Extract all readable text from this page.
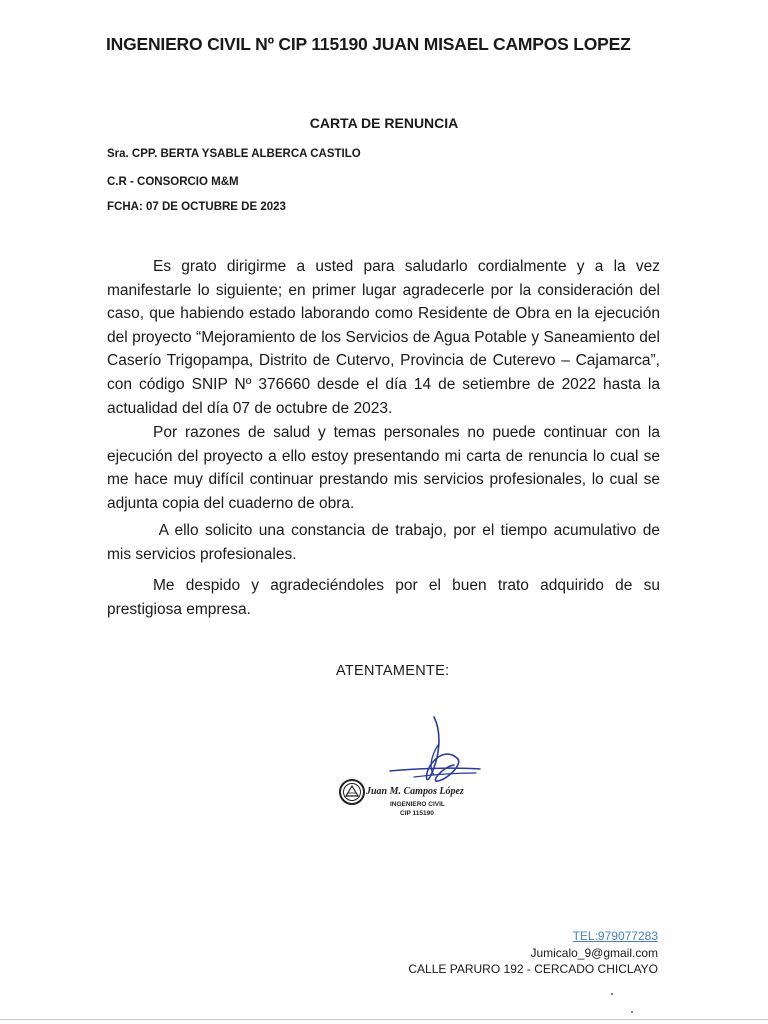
INGENIERO CIVIL Nº CIP 115190 JUAN MISAEL CAMPOS LOPEZ
CARTA DE RENUNCIA
Sra. CPP. BERTA YSABLE ALBERCA CASTILO
C.R - CONSORCIO M&M
FCHA: 07 DE OCTUBRE DE 2023

Es grato dirigirme a usted para saludarlo cordialmente y a la vez manifestarle lo siguiente; en primer lugar agradecerle por la consideración del caso, que habiendo estado laborando como Residente de Obra en la ejecución del proyecto “Mejoramiento de los Servicios de Agua Potable y Saneamiento del Caserío Trigopampa, Distrito de Cutervo, Provincia de Cuterevo – Cajamarca”, con código SNIP Nº 376660 desde el día 14 de setiembre de 2022 hasta la actualidad del día 07 de octubre de 2023.

Por razones de salud y temas personales no puede continuar con la ejecución del proyecto a ello estoy presentando mi carta de renuncia lo cual se me hace muy difícil continuar prestando mis servicios profesionales, lo cual se adjunta copia del cuaderno de obra.

A ello solicito una constancia de trabajo, por el tiempo acumulativo de mis servicios profesionales.

Me despido y agradeciéndoles por el buen trato adquirido de su prestigiosa empresa.

ATENTAMENTE:
Juan M. Campos López
INGENIERO CIVIL
CIP 115190
TEL:979077283
Jumicalo_9@gmail.com
CALLE PARURO 192 - CERCADO CHICLAYO
